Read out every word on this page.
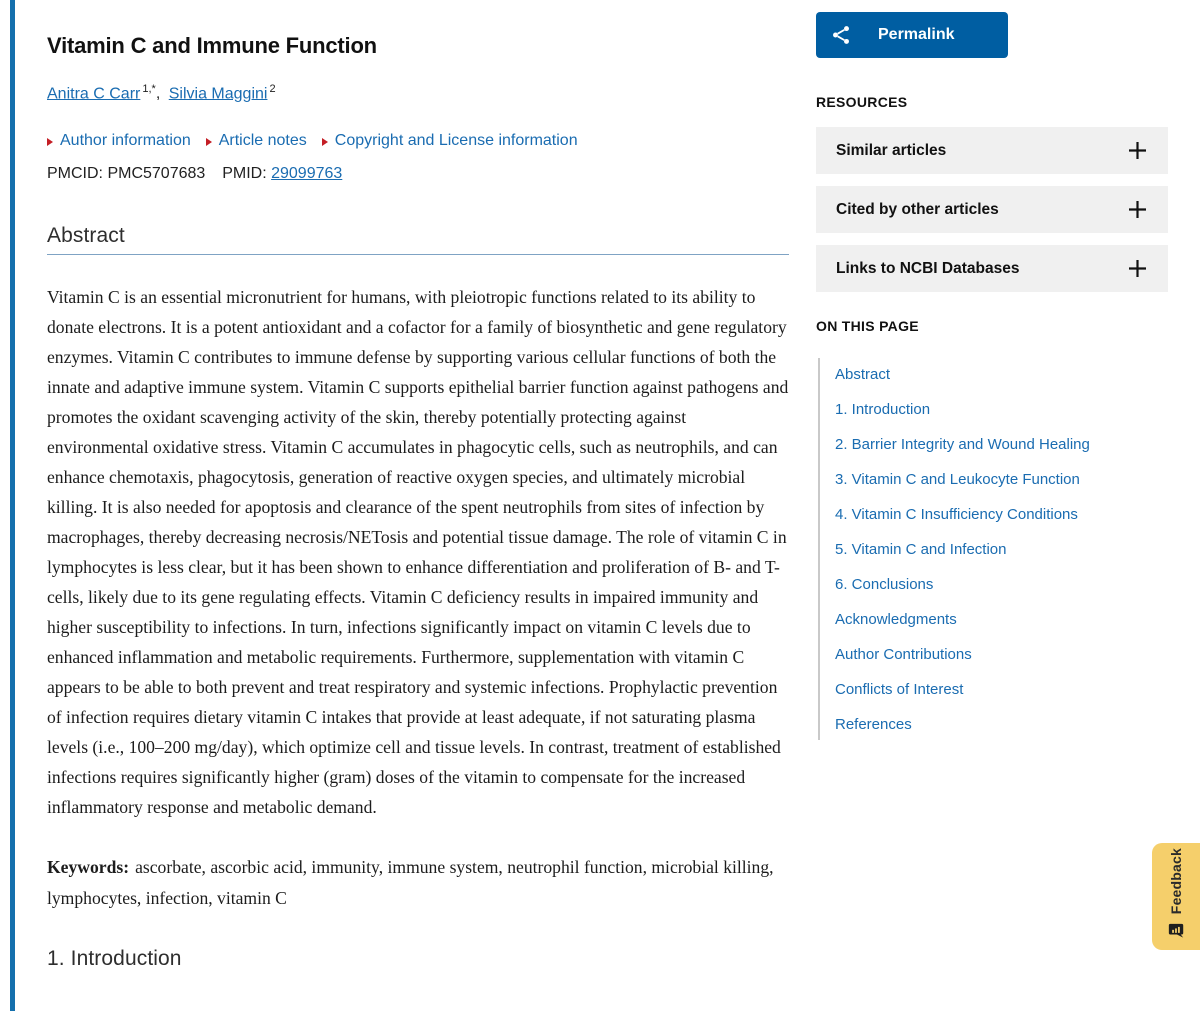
Vitamin C and Immune Function
Anitra C Carr $^{1,*}$, Silvia Maggini $^2$
Author information Article notes Copyright and License information
PMCID: PMC5707683 PMID: 29099763
Abstract

Vitamin C is an essential micronutrient for humans, with pleiotropic functions related to its ability to donate electrons. It is a potent antioxidant and a cofactor for a family of biosynthetic and gene regulatory enzymes. Vitamin C contributes to immune defense by supporting various cellular functions of both the innate and adaptive immune system. Vitamin C supports epithelial barrier function against pathogens and promotes the oxidant scavenging activity of the skin, thereby potentially protecting against environmental oxidative stress. Vitamin C accumulates in phagocytic cells, such as neutrophils, and can enhance chemotaxis, phagocytosis, generation of reactive oxygen species, and ultimately microbial killing. It is also needed for apoptosis and clearance of the spent neutrophils from sites of infection by macrophages, thereby decreasing necrosis/NETosis and potential tissue damage. The role of vitamin C in lymphocytes is less clear, but it has been shown to enhance differentiation and proliferation of B- and T-cells, likely due to its gene regulating effects. Vitamin C deficiency results in impaired immunity and higher susceptibility to infections. In turn, infections significantly impact on vitamin C levels due to enhanced inflammation and metabolic requirements. Furthermore, supplementation with vitamin C appears to be able to both prevent and treat respiratory and systemic infections. Prophylactic prevention of infection requires dietary vitamin C intakes that provide at least adequate, if not saturating plasma levels (i.e., 100–200 mg/day), which optimize cell and tissue levels. In contrast, treatment of established infections requires significantly higher (gram) doses of the vitamin to compensate for the increased inflammatory response and metabolic demand.

Keywords: ascorbate, ascorbic acid, immunity, immune system, neutrophil function, microbial killing, lymphocytes, infection, vitamin C

1. Introduction
Permalink
RESOURCES
Similar articles
Cited by other articles
Links to NCBI Databases
ON THIS PAGE
Abstract
1. Introduction
2. Barrier Integrity and Wound Healing
3. Vitamin C and Leukocyte Function
4. Vitamin C Insufficiency Conditions
5. Vitamin C and Infection
6. Conclusions
Acknowledgments
Author Contributions
Conflicts of Interest
References
Feedback
